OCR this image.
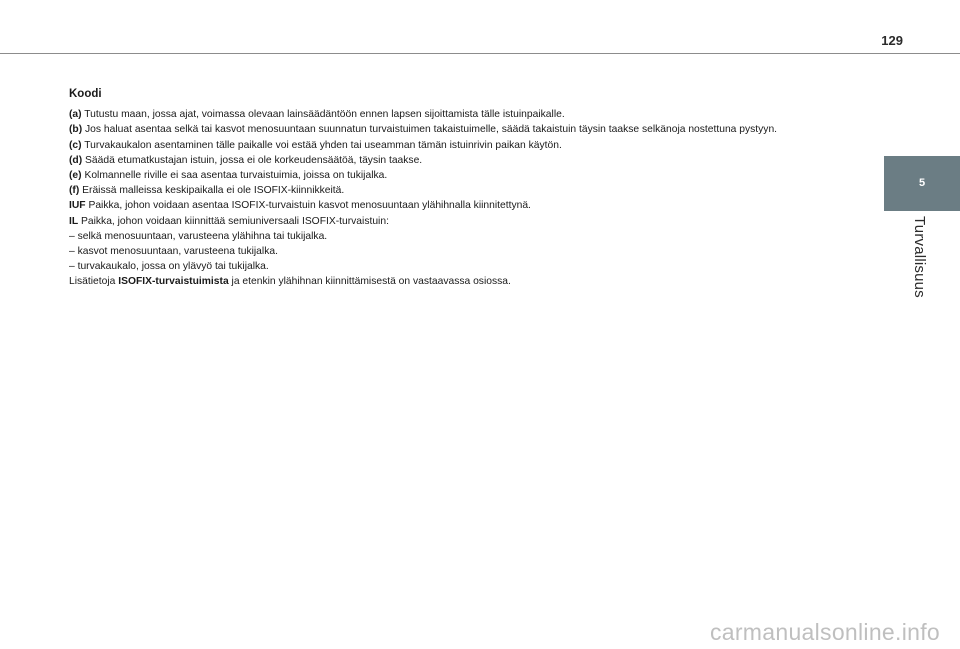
129
5
Turvallisuus
Koodi
(a) Tutustu maan, jossa ajat, voimassa olevaan lainsäädäntöön ennen lapsen sijoittamista tälle istuinpaikalle.
(b) Jos haluat asentaa selkä tai kasvot menosuuntaan suunnatun turvaistuimen takaistuimelle, säädä takaistuin täysin taakse selkänoja nostettuna pystyyn.
(c) Turvakaukalon asentaminen tälle paikalle voi estää yhden tai useamman tämän istuinrivin paikan käytön.
(d) Säädä etumatkustajan istuin, jossa ei ole korkeudensäätöä, täysin taakse.
(e) Kolmannelle riville ei saa asentaa turvaistuimia, joissa on tukijalka.
(f) Eräissä malleissa keskipaikalla ei ole ISOFIX-kiinnikkeitä.
IUF Paikka, johon voidaan asentaa ISOFIX-turvaistuin kasvot menosuuntaan ylähihnalla kiinnitettynä.
IL Paikka, johon voidaan kiinnittää semiuniversaali ISOFIX-turvaistuin:
– selkä menosuuntaan, varusteena ylähihna tai tukijalka.
– kasvot menosuuntaan, varusteena tukijalka.
– turvakaukalo, jossa on ylävyö tai tukijalka.
Lisätietoja ISOFIX-turvaistuimista ja etenkin ylähihnan kiinnittämisestä on vastaavassa osiossa.
carmanualsonline.info
